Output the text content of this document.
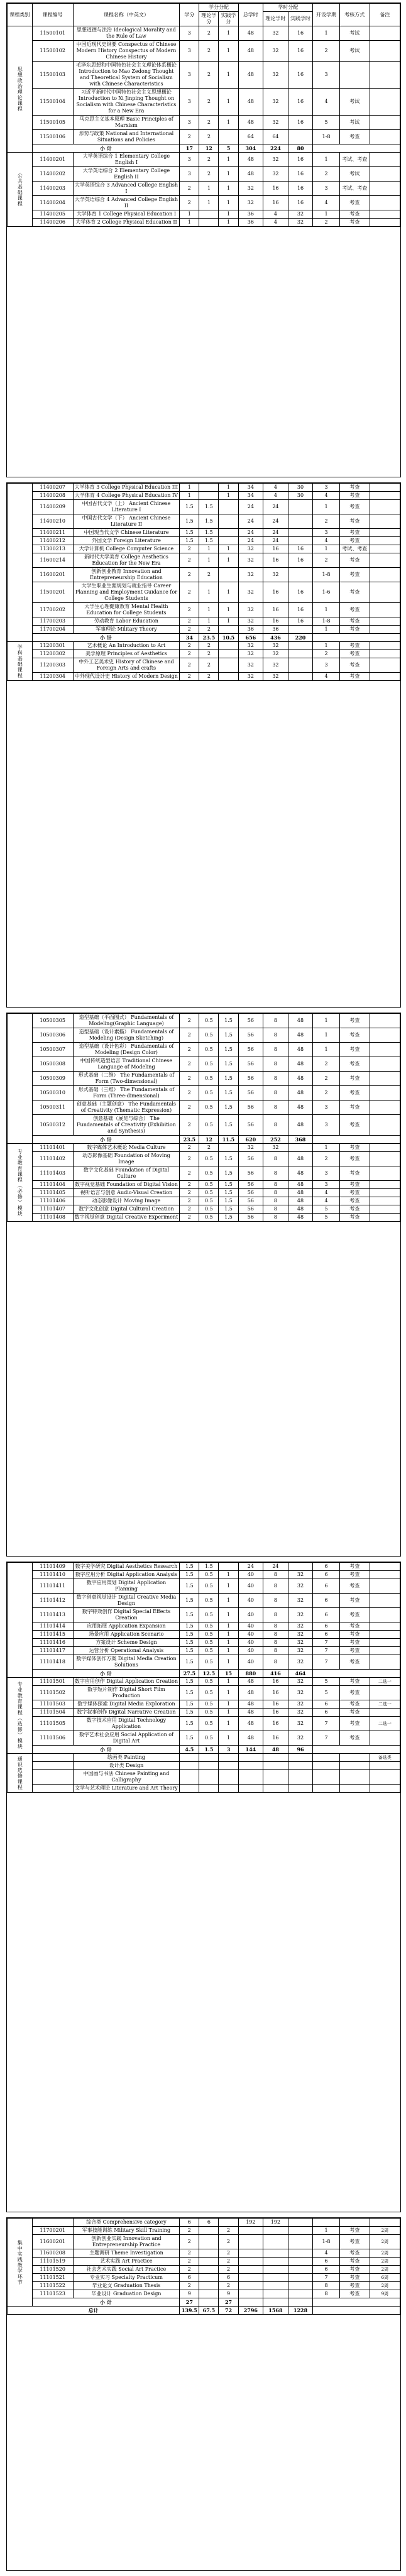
课程类别	课程编号	课程名称（中英文）	学分	学分分配		总学时	学时分配		开设学期	考核方式	备注
				理论学分	实践学分		理论学时	实践学时			
思想政治理论课程	11500101	思想道德与法治 Ideological Morality and the Rule of Law	3	2	1	48	32	16	1	考试	
	11500102	中国近现代史纲要 Conspectus of Chinese Modern History Conspectus of Modern Chinese History	3	2	1	48	32	16	2	考试	
	11500103	毛泽东思想和中国特色社会主义理论体系概论 Introduction to Mao Zedong Thought and Theoretical System of Socialism with Chinese Characteristics	3	2	1	48	32	16	3		
	11500104	习近平新时代中国特色社会主义思想概论 Introduction to Xi Jinping Thought on Socialism with Chinese Characteristics for a New Era	3	2	1	48	32	16	4	考试	
	11500105	马克思主义基本原理 Basic Principles of Marxism	3	2	1	48	32	16	5	考试	
	11500106	形势与政策 National and International Situations and Policies	2	2		64	64		1-8	考查	
	小 计		17	12	5	304	224	80			
公共基础课程	11400201	大学英语综合 1 Elementary College English I	3	2	1	48	32	16	1	考试、考查	
	11400202	大学英语综合 2 Elementary College English II	3	2	1	48	32	16	2	考试	
	11400203	大学英语综合 3 Advanced College English I	2	1	1	32	16	16	3	考试、考查	
	11400204	大学英语综合 4 Advanced College English II	2	1	1	32	16	16	4	考查	
	11400205	大学体育 1 College Physical Education I	1		1	36	4	32	1	考查	
	11400206	大学体育 2 College Physical Education II	1		1	36	4	32	2	考查	
	11400207	大学体育 3 College Physical Education III	1		1	34	4	30	3	考查	
	11400208	大学体育 4 College Physical Education IV	1		1	34	4	30	4	考查	
	11400209	中国古代文学（上） Ancient Chinese Literature I	1.5	1.5		24	24		1	考查	
	11400210	中国古代文学（下） Ancient Chinese Literature II	1.5	1.5		24	24		2	考查	
	11400211	中国现当代文学 Chinese Literature	1.5	1.5		24	24		3	考查	
	11400212	外国文学 Foreign Literature	1.5	1.5		24	24		4	考查	
	11300213	大学计算机 College Computer Science	2	1	1	32	16	16	1	考试、考查	
	11600214	新时代大学美育 College Aesthetics Education for the New Era	2	1	1	32	16	16	2	考查	
	11600201	创新创业教育 Innovation and Entrepreneurship Education	2	2		32	32		1-8	考查	
	11500201	大学生职业生涯规划与就业指导 Career Planning and Employment Guidance for College Students	2	1	1	32	16	16	1-6	考查	
	11700202	大学生心理健康教育 Mental Health Education for College Students	2	1	1	32	16	16	1	考查	
	11700203	劳动教育 Labor Education	2	1	1	32	16	16	1-8	考查	
	11700204	军事理论 Military Theory	2	2		36	36		1	考查	
	小 计		34	23.5	10.5	656	436	220			
学科基础课程	11200301	艺术概论 An Introduction to Art	2	2		32	32		1	考查	
	11200302	美学原理 Principles of Aesthetics	2	2		32	32		2	考查	
	11200303	中外工艺美术史 History of Chinese and Foreign Arts and crafts	2	2		32	32		3	考查	
	11200304	中外现代设计史 History of Modern Design	2	2		32	32		4	考查	
	10500305	造型基础（平面图式） Fundamentals of Modeling(Graphic Language)	2	0.5	1.5	56	8	48	1	考查	
	10500306	造型基础（设计素描） Fundamentals of Modeling (Design Sketching)	2	0.5	1.5	56	8	48	1	考查	
	10500307	造型基础（设计色彩） Fundamentals of Modeling (Design Color)	2	0.5	1.5	56	8	48	1	考查	
	10500308	中国传统造型语言 Traditional Chinese Language of Modeling	2	0.5	1.5	56	8	48	2	考查	
	10500309	形式基础（二维） The Fundamentals of Form (Two-dimensional)	2	0.5	1.5	56	8	48	2	考查	
	10500310	形式基础（三维） The Fundamentals of Form (Three-dimensional)	2	0.5	1.5	56	8	48	2	考查	
	10500311	创意基础（主题创意） The Fundamentals of Creativity (Thematic Expression)	2	0.5	1.5	56	8	48	3	考查	
	10500312	创意基础（展览与综合） The Fundamentals of Creativity (Exhibition and Synthesis)	2	0.5	1.5	56	8	48	3	考查	
	小 计		23.5	12	11.5	620	252	368			
专业教育课程（必修）模块	11101401	数字媒体艺术概论 Media Culture	2	2		32	32		1	考查	
	11101402	动态影像基础 Foundation of Moving Image	2	0.5	1.5	56	8	48	2	考查	
	11101403	数字文化基础 Foundation of Digital Culture	2	0.5	1.5	56	8	48	3	考查	
	11101404	数字视觉基础 Foundation of Digital Vision	2	0.5	1.5	56	8	48	3	考查	
	11101405	视听语言与创意 Audio-Visual Creation	2	0.5	1.5	56	8	48	4	考查	
	11101406	动态影像设计 Moving Image	2	0.5	1.5	56	8	48	4	考查	
	11101407	数字文化创意 Digital Cultural Creation	2	0.5	1.5	56	8	48	5	考查	
	11101408	数字视觉创意 Digital Creative Experiment	2	0.5	1.5	56	8	48	5	考查	
	11101409	数字美学研究 Digital Aesthetics Research	1.5	1.5		24	24		6	考查	
	11101410	数字应用分析 Digital Application Analysis	1.5	0.5	1	40	8	32	6	考查	
	11101411	数字应用策划 Digital Application Planning	1.5	0.5	1	40	8	32	6	考查	
	11101412	数字创意视觉设计 Digital Creative Media Design	1.5	0.5	1	40	8	32	6	考查	
	11101413	数字特效创作 Digital Special Effects Creation	1.5	0.5	1	40	8	32	6	考查	
	11101414	应用拓展 Application Expansion	1.5	0.5	1	40	8	32	6	考查	
	11101415	场景应用 Application Scenario	1.5	0.5	1	40	8	32	6	考查	
	11101416	方案设计 Scheme Design	1.5	0.5	1	40	8	32	7	考查	
	11101417	运营分析 Operational Analysis	1.5	0.5	1	40	8	32	7	考查	
	11101418	数字媒体创作方案 Digital Media Creation Solutions	1.5	0.5	1	40	8	32	7	考查	
	小 计		27.5	12.5	15	880	416	464			
专业教育课程（选修）模块	11101501	数字应用创作 Digital Application Creation	1.5	0.5	1	48	16	32	5	考查	二选一
	11101502	数字短片制作 Digital Short Film Production	1.5	0.5	1	48	16	32	5	考查	
	11101503	数字媒体探索 Digital Media Exploration	1.5	0.5	1	48	16	32	6	考查	二选一
	11101504	数字叙事创作 Digital Narrative Creation	1.5	0.5	1	48	16	32	6	考查	
	11101505	数字技术应用 Digital Technology Application	1.5	0.5	1	48	16	32	7	考查	二选一
	11101506	数字艺术社会应用 Social Application of Digital Art	1.5	0.5	1	48	16	32	7	考查	
	小 计		4.5	1.5	3	144	48	96			
通识选修课程		绘画类 Painting									备选类
		设计类 Design									
		中国画与书法 Chinese Painting and Calligraphy									
		文学与艺术理论 Literature and Art Theory									
集中实践教学环节		综合类 Comprehensive category	6	6		192	192				
	11700201	军事技能训练 Military Skill Training	2		2				1	考查	2周
	11600201	创新创业实践 Innovation and Entrepreneurship Practice	2		2				1-8	考查	2周
	11600208	主题调研 Theme Investigation	2		2				4	考查	2周
	11101519	艺术实践 Art Practice	2		2				6	考查	2周
	11101520	社会艺术实践 Social Art Practice	2		2				6	考查	2周
	11101521	专业实习 Specialty Practicum	6		6				7	考查	6周
	11101522	毕业论文 Graduation Thesis	2		2				8	考查	2周
	11101523	毕业设计 Graduation Design	9		9				8	考查	9周
	小 计		27		27						
总计			139.5	67.5	72	2796	1568	1228			
